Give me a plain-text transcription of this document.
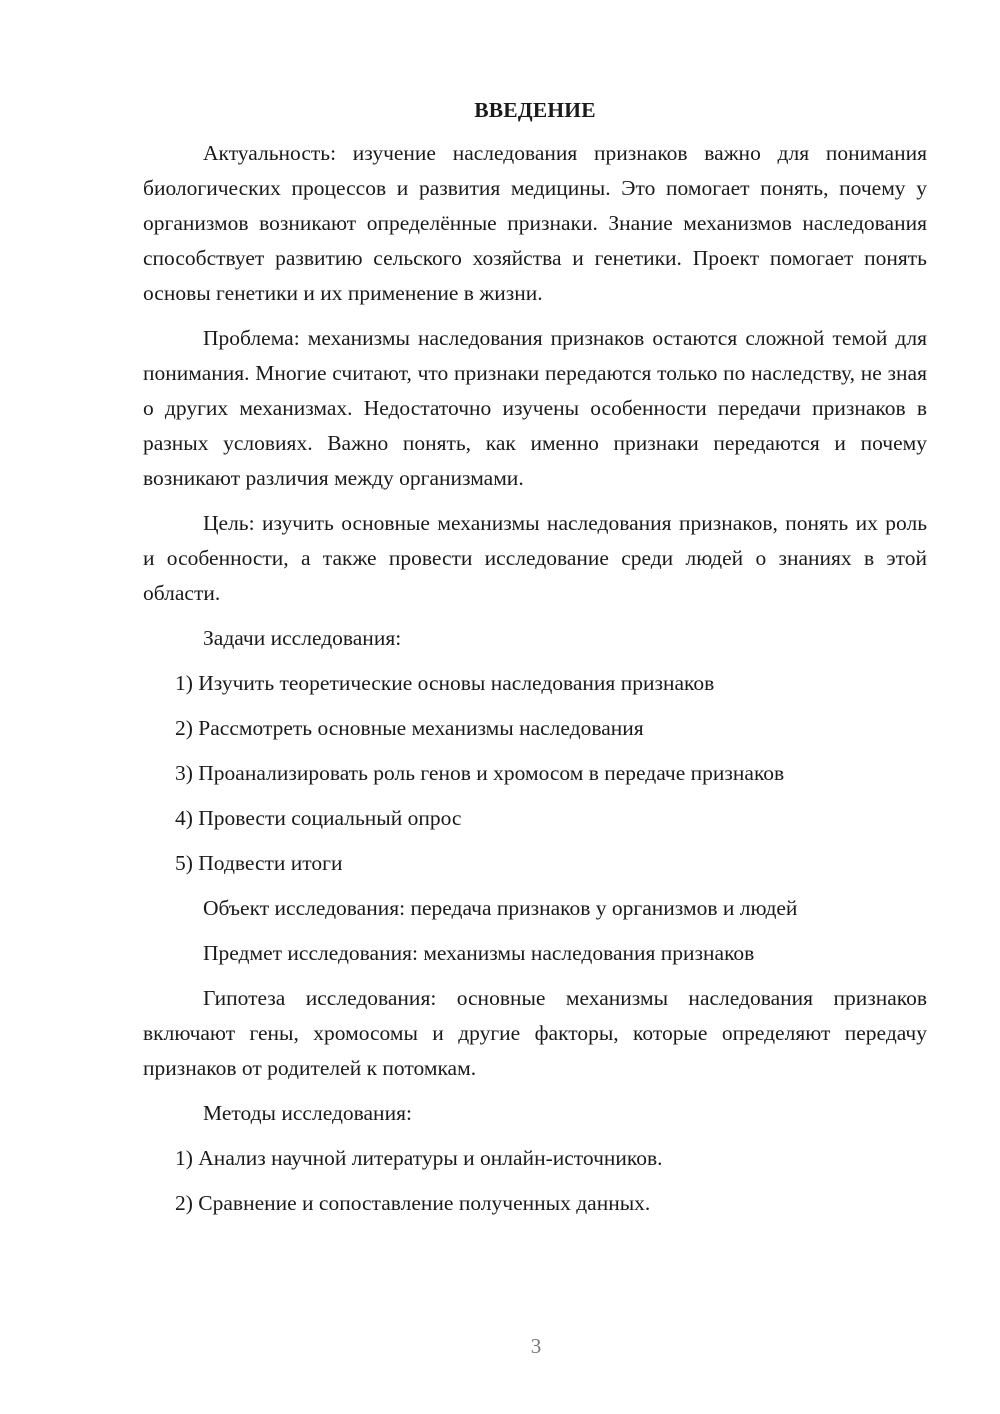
ВВЕДЕНИЕ

Актуальность: изучение наследования признаков важно для понимания биологических процессов и развития медицины. Это помогает понять, почему у организмов возникают определённые признаки. Знание механизмов наследования способствует развитию сельского хозяйства и генетики. Проект помогает понять основы генетики и их применение в жизни.

Проблема: механизмы наследования признаков остаются сложной темой для понимания. Многие считают, что признаки передаются только по наследству, не зная о других механизмах. Недостаточно изучены особенности передачи признаков в разных условиях. Важно понять, как именно признаки передаются и почему возникают различия между организмами.

Цель: изучить основные механизмы наследования признаков, понять их роль и особенности, а также провести исследование среди людей о знаниях в этой области.

Задачи исследования:

1) Изучить теоретические основы наследования признаков

2) Рассмотреть основные механизмы наследования

3) Проанализировать роль генов и хромосом в передаче признаков

4) Провести социальный опрос

5) Подвести итоги

Объект исследования: передача признаков у организмов и людей

Предмет исследования: механизмы наследования признаков

Гипотеза исследования: основные механизмы наследования признаков включают гены, хромосомы и другие факторы, которые определяют передачу признаков от родителей к потомкам.

Методы исследования:

1) Анализ научной литературы и онлайн-источников.

2) Сравнение и сопоставление полученных данных.

3
